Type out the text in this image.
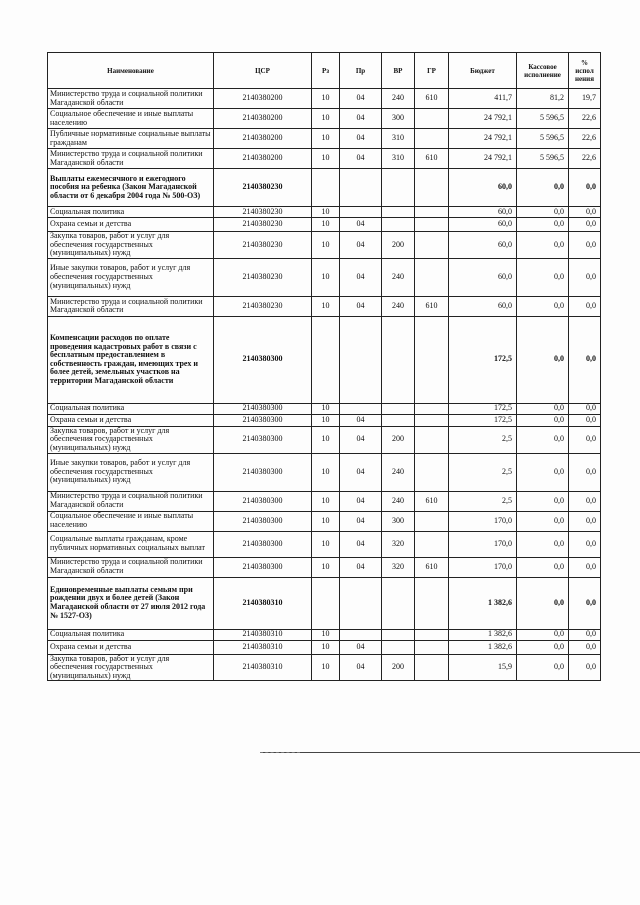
Наименование	ЦСР	Рз	Пр	ВР	ГР	Бюджет	Кассовое исполнение	% испол нения
Министерство труда и социальной политики Магаданской области	2140380200	10	04	240	610	411,7	81,2	19,7
Социальное обеспечение и иные выплаты населению	2140380200	10	04	300		24 792,1	5 596,5	22,6
Публичные нормативные социальные выплаты гражданам	2140380200	10	04	310		24 792,1	5 596,5	22,6
Министерство труда и социальной политики Магаданской области	2140380200	10	04	310	610	24 792,1	5 596,5	22,6
Выплаты ежемесячного и ежегодного пособия на ребенка (Закон Магаданской области от 6 декабря 2004 года № 500-ОЗ)	2140380230					60,0	0,0	0,0
Социальная политика	2140380230	10				60,0	0,0	0,0
Охрана семьи и детства	2140380230	10	04			60,0	0,0	0,0
Закупка товаров, работ и услуг для обеспечения государственных (муниципальных) нужд	2140380230	10	04	200		60,0	0,0	0,0
Иные закупки товаров, работ и услуг для обеспечения государственных (муниципальных) нужд	2140380230	10	04	240		60,0	0,0	0,0
Министерство труда и социальной политики Магаданской области	2140380230	10	04	240	610	60,0	0,0	0,0
Компенсации расходов по оплате проведения кадастровых работ в связи с бесплатным предоставлением в собственность граждан, имеющих трех и более детей, земельных участков на территории Магаданской области	2140380300					172,5	0,0	0,0
Социальная политика	2140380300	10				172,5	0,0	0,0
Охрана семьи и детства	2140380300	10	04			172,5	0,0	0,0
Закупка товаров, работ и услуг для обеспечения государственных (муниципальных) нужд	2140380300	10	04	200		2,5	0,0	0,0
Иные закупки товаров, работ и услуг для обеспечения государственных (муниципальных) нужд	2140380300	10	04	240		2,5	0,0	0,0
Министерство труда и социальной политики Магаданской области	2140380300	10	04	240	610	2,5	0,0	0,0
Социальное обеспечение и иные выплаты населению	2140380300	10	04	300		170,0	0,0	0,0
Социальные выплаты гражданам, кроме публичных нормативных социальных выплат	2140380300	10	04	320		170,0	0,0	0,0
Министерство труда и социальной политики Магаданской области	2140380300	10	04	320	610	170,0	0,0	0,0
Единовременные выплаты семьям при рождении двух и более детей (Закон Магаданской области от 27 июля 2012 года № 1527-ОЗ)	2140380310					1 382,6	0,0	0,0
Социальная политика	2140380310	10				1 382,6	0,0	0,0
Охрана семьи и детства	2140380310	10	04			1 382,6	0,0	0,0
Закупка товаров, работ и услуг для обеспечения государственных (муниципальных) нужд	2140380310	10	04	200		15,9	0,0	0,0
